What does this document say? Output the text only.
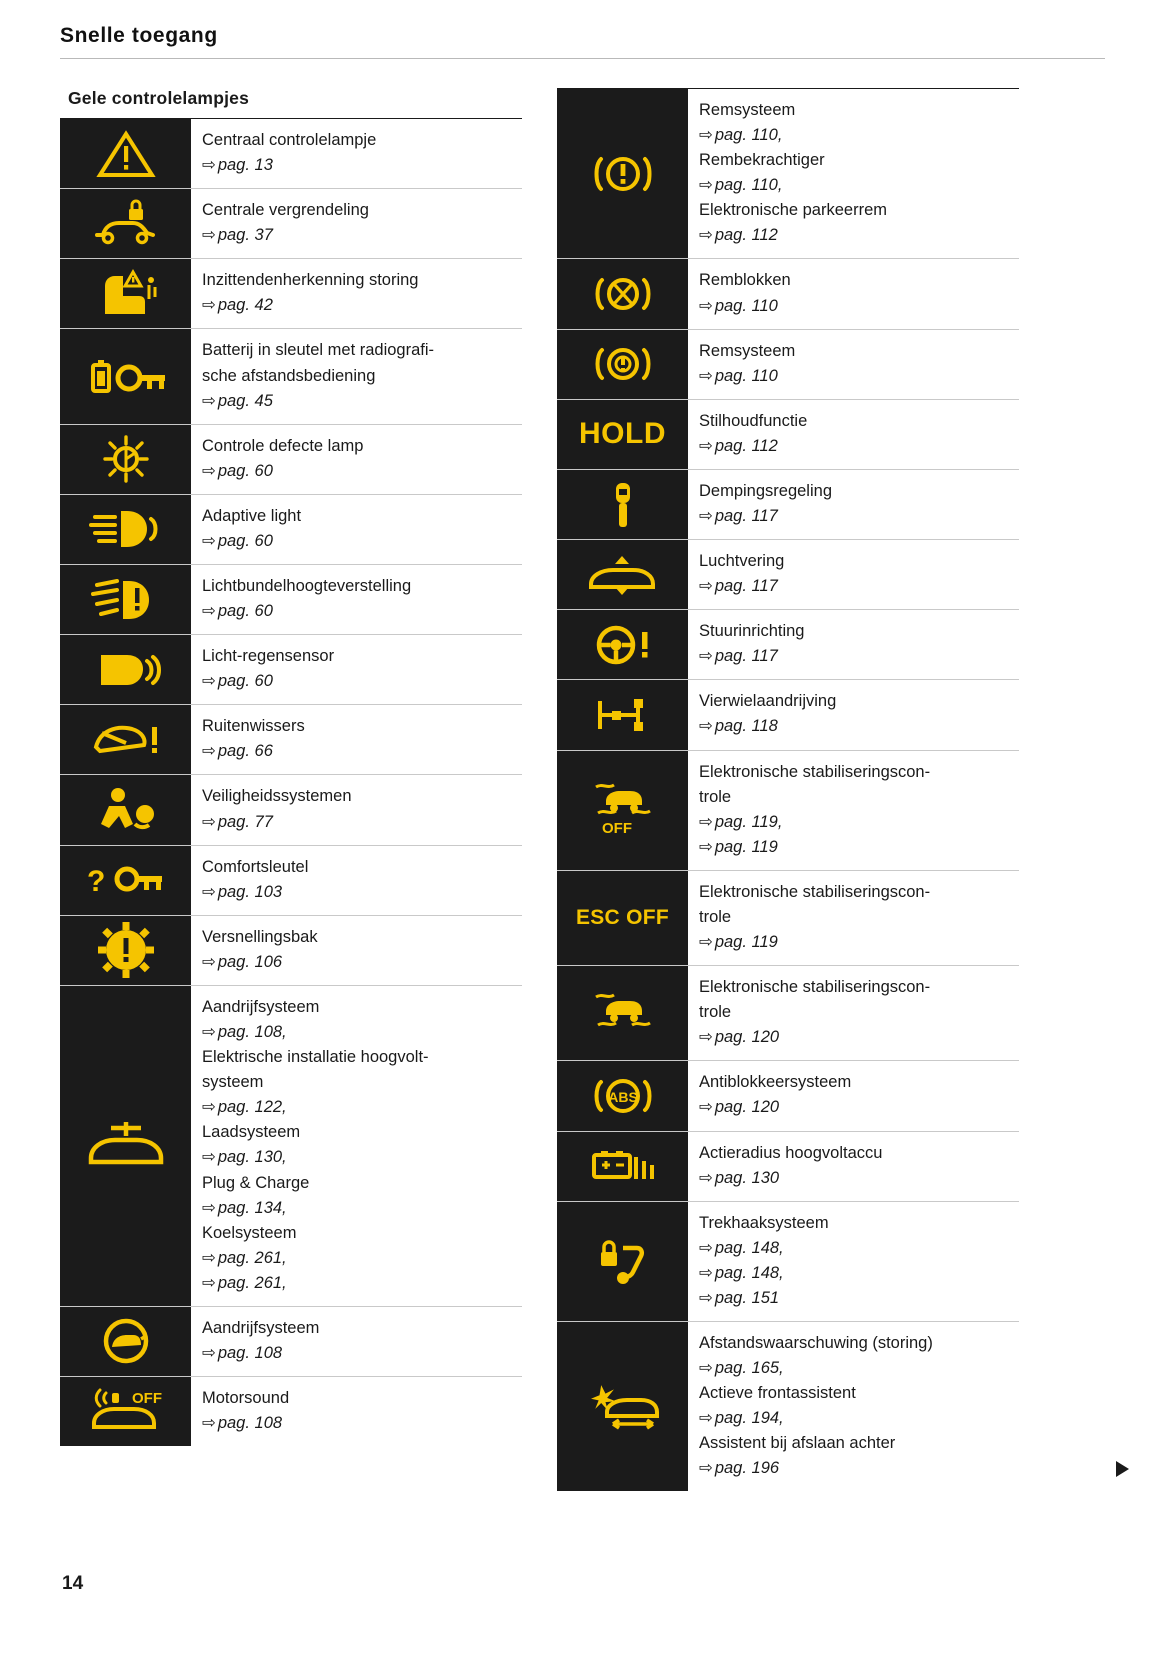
Snelle toegang
Gele controlelampjes
Centraal controlelampje
⇨ pag. 13
Centrale vergrendeling
⇨ pag. 37
Inzittendenherkenning storing
⇨ pag. 42
Batterij in sleutel met radiografi-
sche afstandsbediening
⇨ pag. 45
Controle defecte lamp
⇨ pag. 60
Adaptive light
⇨ pag. 60
Lichtbundelhoogteverstelling
⇨ pag. 60
Licht-regensensor
⇨ pag. 60
Ruitenwissers
⇨ pag. 66
Veiligheidssystemen
⇨ pag. 77
?	Comfortsleutel
⇨ pag. 103
Versnellingsbak
⇨ pag. 106
Aandrijfsysteem
⇨ pag. 108,
Elektrische installatie hoogvolt-
systeem
⇨ pag. 122,
Laadsysteem
⇨ pag. 130,
Plug & Charge
⇨ pag. 134,
Koelsysteem
⇨ pag. 261,
⇨ pag. 261,
Aandrijfsysteem
⇨ pag. 108
OFF Motorsound
⇨ pag. 108
Remsysteem
⇨ pag. 110,
Rembekrachtiger
⇨ pag. 110,
Elektronische parkeerrem
⇨ pag. 112
Remblokken
⇨ pag. 110
Remsysteem
⇨ pag. 110
HOLD Stilhoudfunctie
⇨ pag. 112
Dempingsregeling
⇨ pag. 117
Luchtvering
⇨ pag. 117
Stuurinrichting
⇨ pag. 117
Vierwielaandrijving
⇨ pag. 118
OFF
Elektronische stabiliseringscon-
trole
⇨ pag. 119,
⇨ pag. 119
ESC OFF
Elektronische stabiliseringscon-
trole
⇨ pag. 119
Elektronische stabiliseringscon-
trole
⇨ pag. 120
ABS
Antiblokkeersysteem
⇨ pag. 120
Actieradius hoogvoltaccu
⇨ pag. 130
Trekhaaksysteem
⇨ pag. 148,
⇨ pag. 148,
⇨ pag. 151
Afstandswaarschuwing (storing)
⇨ pag. 165,
Actieve frontassistent
⇨ pag. 194,
Assistent bij afslaan achter
⇨ pag. 196
14
